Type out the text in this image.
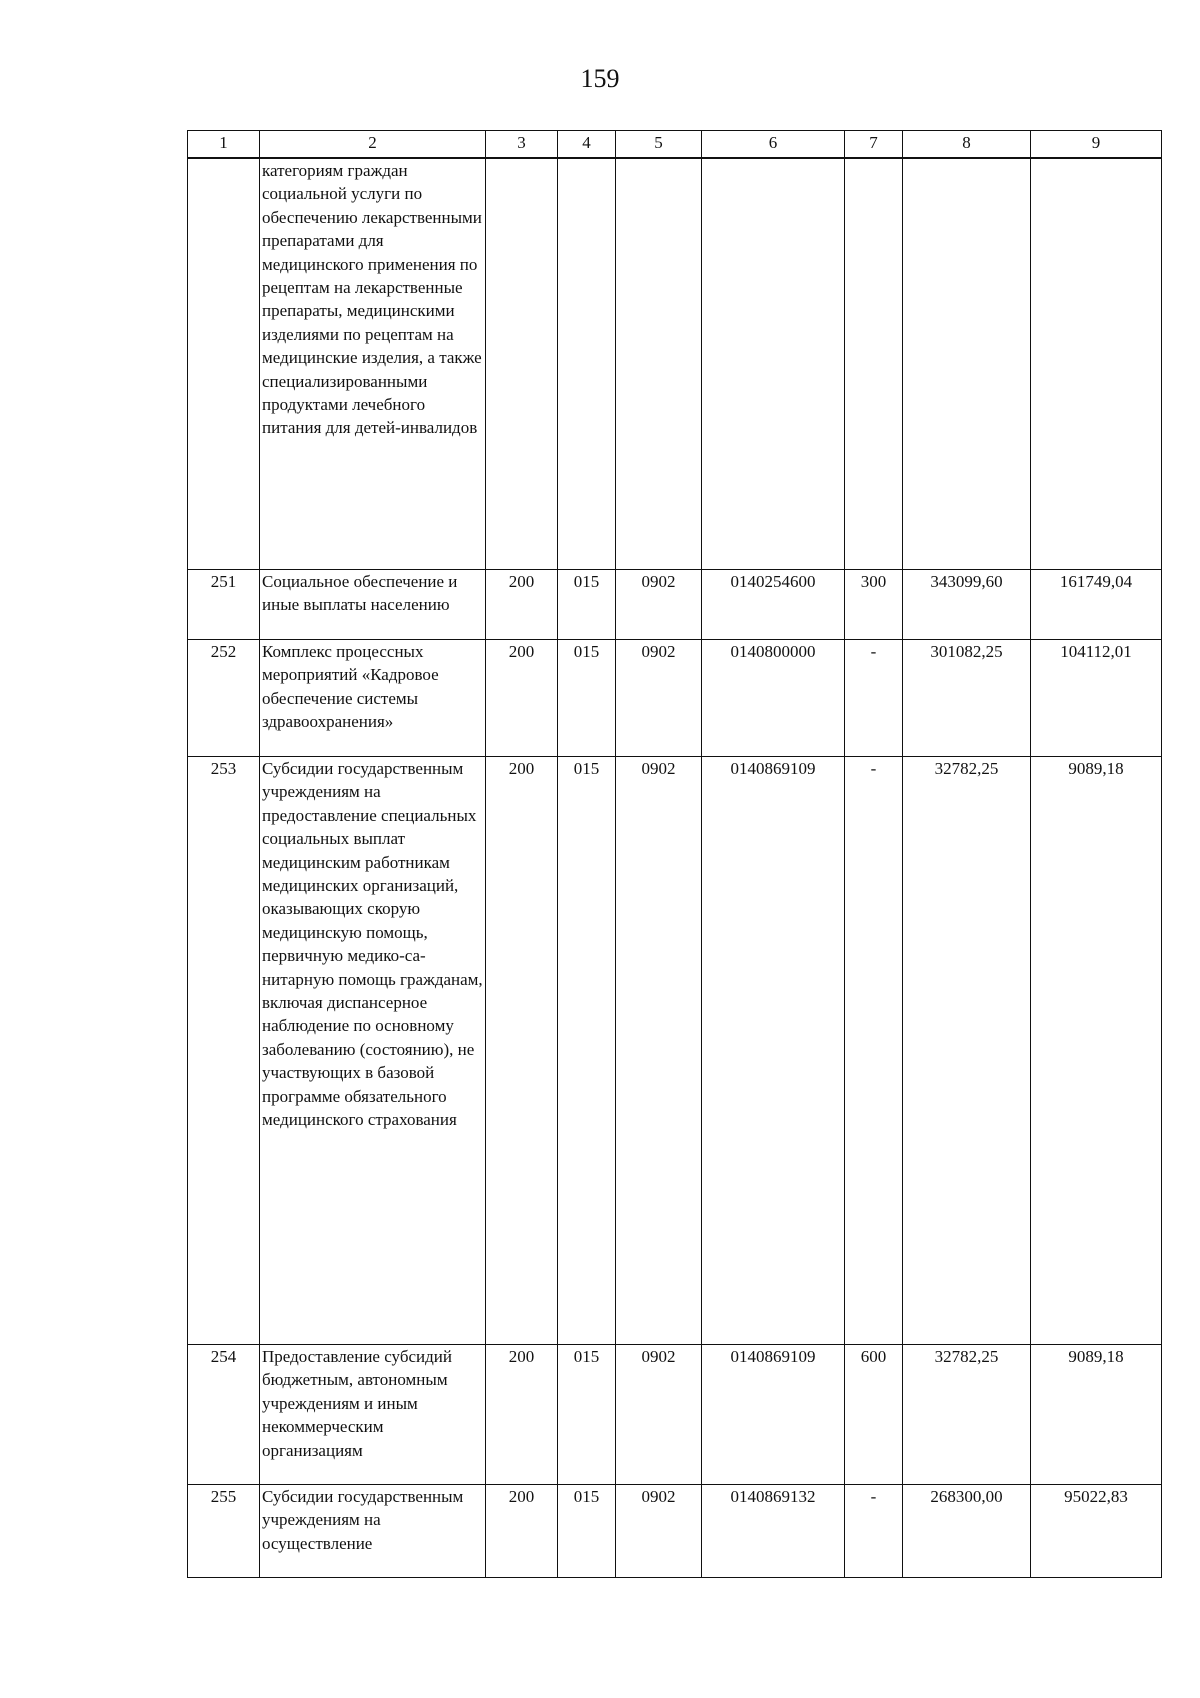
159
1	2	3	4	5	6	7	8	9
	категориям граждан социальной услуги по обеспечению лекарственными препаратами для медицинского применения по рецептам на лекарственные препараты, медицинскими изделиями по рецептам на медицинские изделия, а также специализированными продуктами лечебного питания для детей-инвалидов							
251	Социальное обеспечение и иные выплаты населению	200	015	0902	0140254600	300	343099,60	161749,04
252	Комплекс процессных мероприятий «Кадровое обеспечение системы здравоохранения»	200	015	0902	0140800000	-	301082,25	104112,01
253	Субсидии государственным учреждениям на предоставление специальных социальных выплат медицинским работникам медицинских организаций, оказывающих скорую медицинскую помощь, первичную медико-са- нитарную помощь гражданам, включая диспансерное наблюдение по основному заболеванию (состоянию), не участвующих в базовой программе обязательного медицинского страхования	200	015	0902	0140869109	-	32782,25	9089,18
254	Предоставление субсидий бюджетным, автономным учреждениям и иным некоммерческим организациям	200	015	0902	0140869109	600	32782,25	9089,18
255	Субсидии государственным учреждениям на осуществление	200	015	0902	0140869132	-	268300,00	95022,83
